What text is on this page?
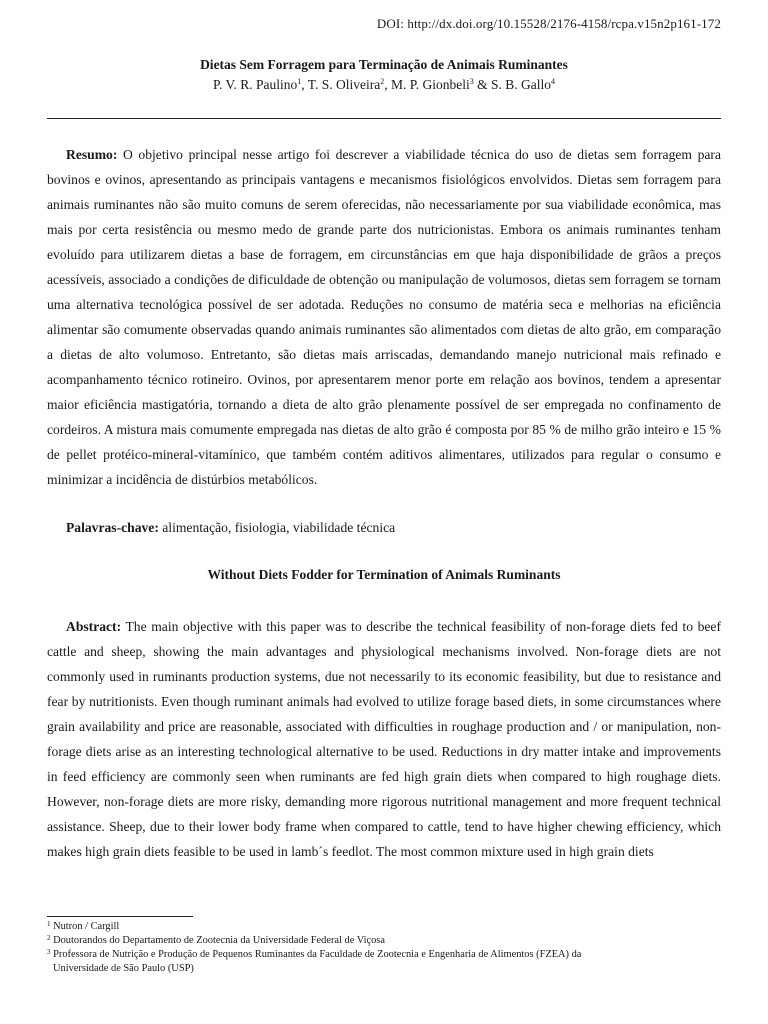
DOI: http://dx.doi.org/10.15528/2176-4158/rcpa.v15n2p161-172
Dietas Sem Forragem para Terminação de Animais Ruminantes
P. V. R. Paulino$^1$, T. S. Oliveira$^2$, M. P. Gionbeli$^3$ & S. B. Gallo$^4$

Resumo: O objetivo principal nesse artigo foi descrever a viabilidade técnica do uso de dietas sem forragem para bovinos e ovinos, apresentando as principais vantagens e mecanismos fisiológicos envolvidos. Dietas sem forragem para animais ruminantes não são muito comuns de serem oferecidas, não necessariamente por sua viabilidade econômica, mas mais por certa resistência ou mesmo medo de grande parte dos nutricionistas. Embora os animais ruminantes tenham evoluído para utilizarem dietas a base de forragem, em circunstâncias em que haja disponibilidade de grãos a preços acessíveis, associado a condições de dificuldade de obtenção ou manipulação de volumosos, dietas sem forragem se tornam uma alternativa tecnológica possível de ser adotada. Reduções no consumo de matéria seca e melhorias na eficiência alimentar são comumente observadas quando animais ruminantes são alimentados com dietas de alto grão, em comparação a dietas de alto volumoso. Entretanto, são dietas mais arriscadas, demandando manejo nutricional mais refinado e acompanhamento técnico rotineiro. Ovinos, por apresentarem menor porte em relação aos bovinos, tendem a apresentar maior eficiência mastigatória, tornando a dieta de alto grão plenamente possível de ser empregada no confinamento de cordeiros. A mistura mais comumente empregada nas dietas de alto grão é composta por 85 % de milho grão inteiro e 15 % de pellet protéico-mineral-vitamínico, que também contém aditivos alimentares, utilizados para regular o consumo e minimizar a incidência de distúrbios metabólicos.

Palavras-chave: alimentação, fisiologia, viabilidade técnica

Without Diets Fodder for Termination of Animals Ruminants

Abstract: The main objective with this paper was to describe the technical feasibility of non-forage diets fed to beef cattle and sheep, showing the main advantages and physiological mechanisms involved. Non-forage diets are not commonly used in ruminants production systems, due not necessarily to its economic feasibility, but due to resistance and fear by nutritionists. Even though ruminant animals had evolved to utilize forage based diets, in some circumstances where grain availability and price are reasonable, associated with difficulties in roughage production and / or manipulation, non-forage diets arise as an interesting technological alternative to be used. Reductions in dry matter intake and improvements in feed efficiency are commonly seen when ruminants are fed high grain diets when compared to high roughage diets. However, non-forage diets are more risky, demanding more rigorous nutritional management and more frequent technical assistance. Sheep, due to their lower body frame when compared to cattle, tend to have higher chewing efficiency, which makes high grain diets feasible to be used in lamb´s feedlot. The most common mixture used in high grain diets

$^1$ Nutron / Cargill

$^2$ Doutorandos do Departamento de Zootecnia da Universidade Federal de Viçosa

$^3$ Professora de Nutrição e Produção de Pequenos Ruminantes da Faculdade de Zootecnia e Engenharia de Alimentos (FZEA) da

Universidade de São Paulo (USP)
